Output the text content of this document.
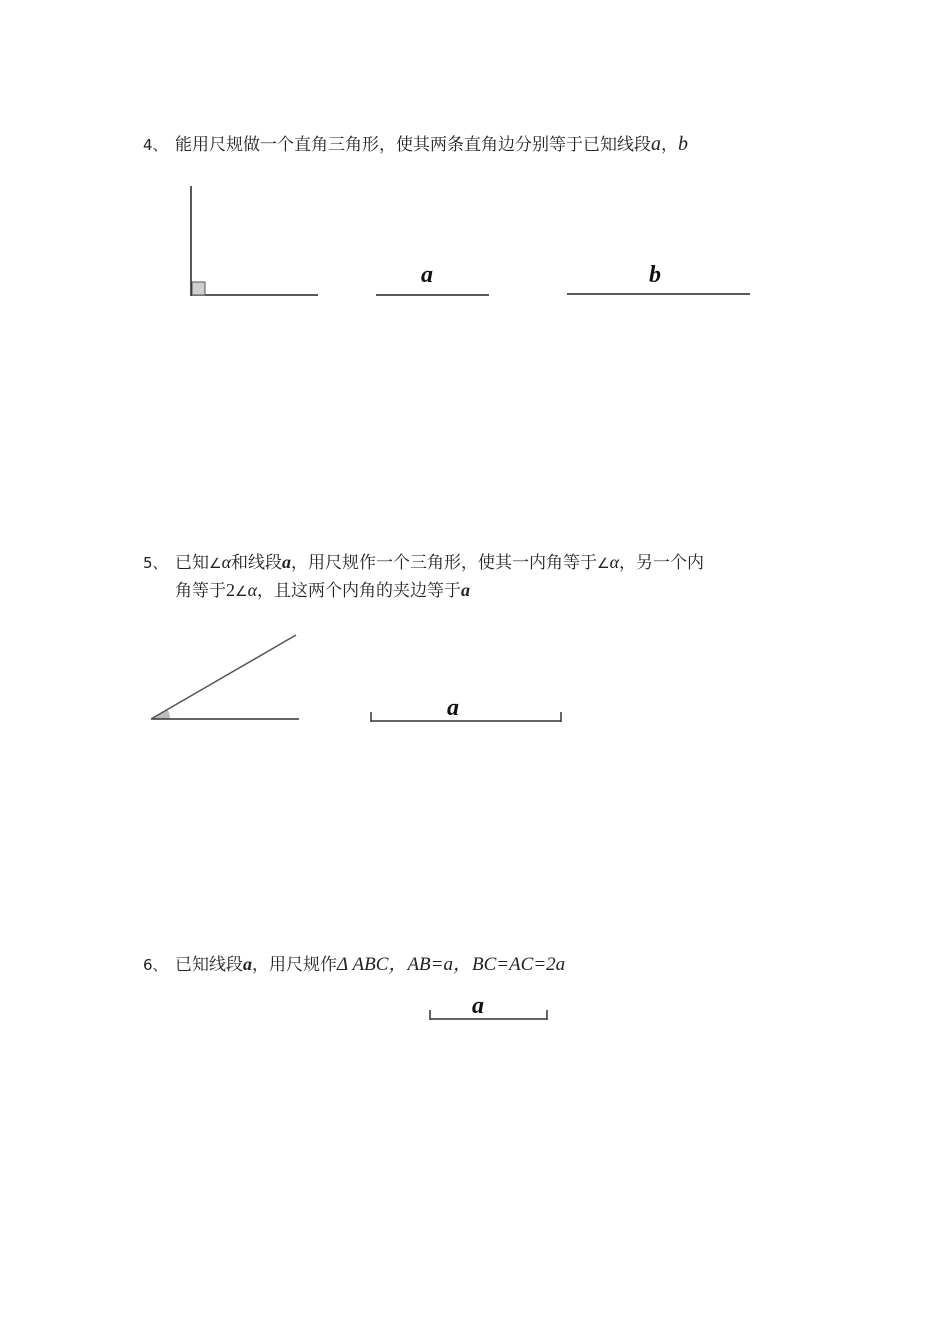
4、 能用尺规做一个直角三角形，使其两条直角边分别等于已知线段a，b
a	b
a
a
5、 已知∠α和线段a，用尺规作一个三角形，使其一内角等于∠α，另一个内
角等于2∠α，且这两个内角的夹边等于a
6、 已知线段a，用尺规作Δ ABC，AB=a，BC=AC=2a
